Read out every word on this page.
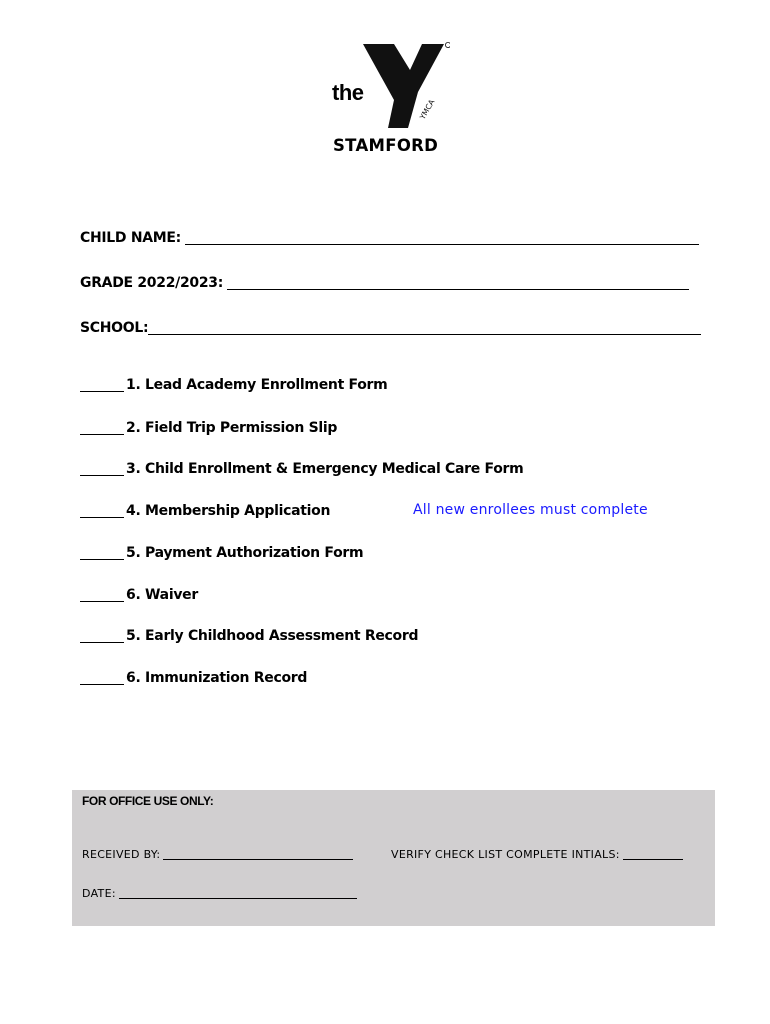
the
YMCA
STAMFORD
CHILD NAME:
GRADE 2022/2023:
SCHOOL:
1. Lead Academy Enrollment Form
2. Field Trip Permission Slip
3. Child Enrollment & Emergency Medical Care Form
4. Membership Application
5. Payment Authorization Form
6. Waiver
5. Early Childhood Assessment Record
6. Immunization Record
All new enrollees must complete
FOR OFFICE USE ONLY:
RECEIVED BY:	VERIFY CHECK LIST COMPLETE INTIALS:
DATE:
